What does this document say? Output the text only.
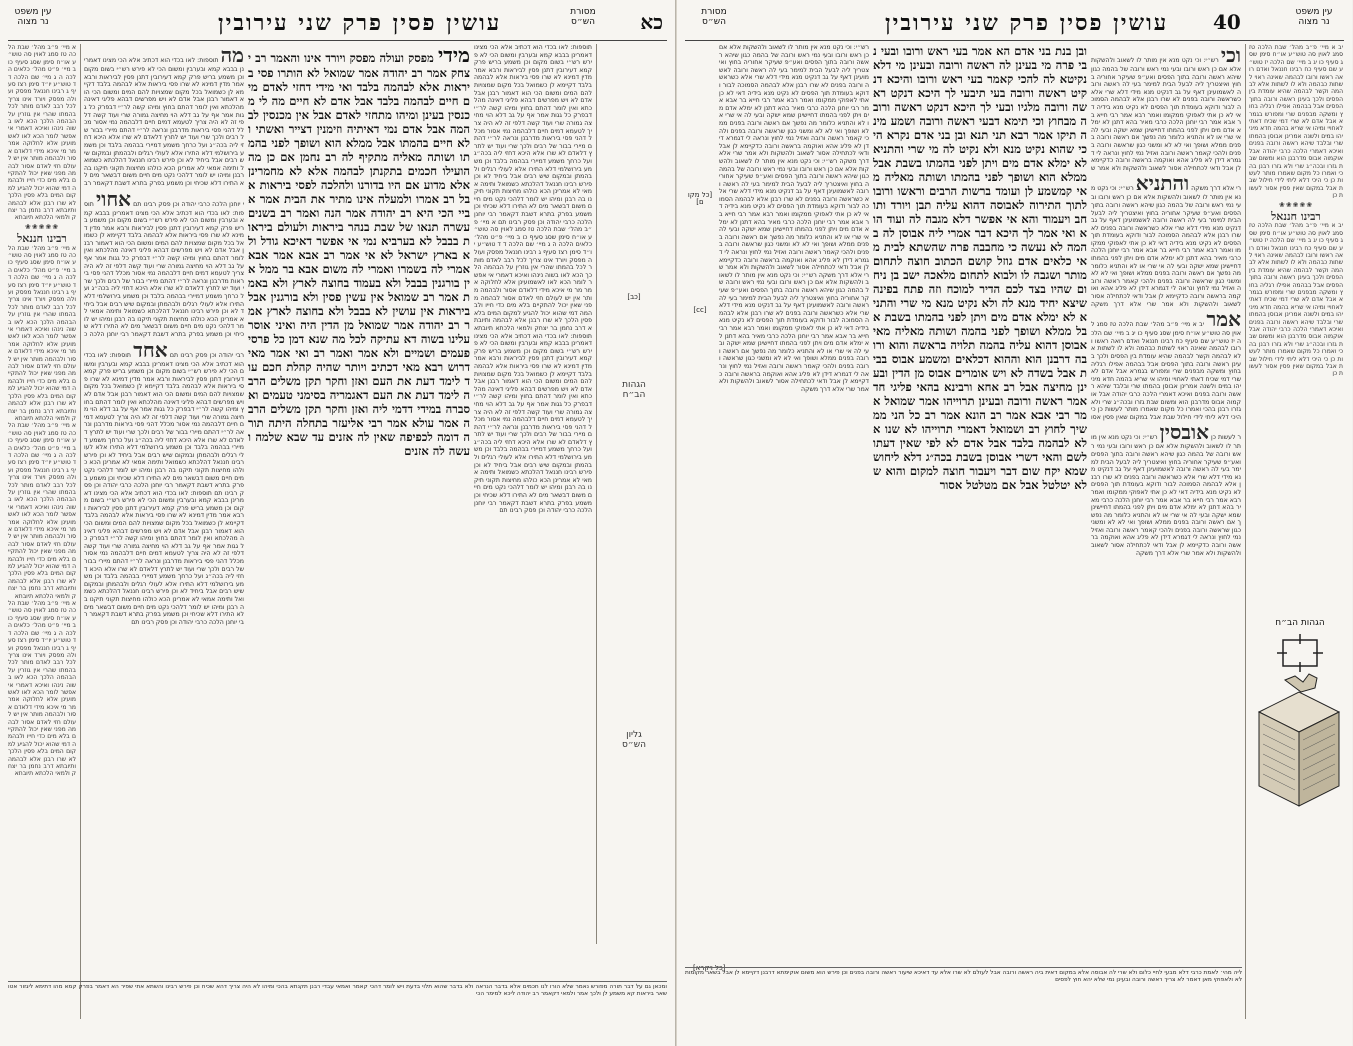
עין משפט
נר מצוה	עושין פסין פרק שני עירובין	מסורת
הש״ס	כא
א מיי׳ פ״ב מהל׳ שבת הלכה טז סמג לאוין סה טוש״ע או״ח סימן שסג סעיף כו ב מיי׳ פ״ט מהל׳ כלאים הלכה ה ג מיי׳ שם הלכה ד ד טוש״ע יו״ד סימן רצז סעיף ג רבינו חננאל מפסק ועולה מפסק ויורד אינו צריך לכל רבב לאדם מותר לכל בהמתו שהרי אין גוזרין על הבהמה הלכך הכא לאו בשוה נינהו ואיכא דאמרי אי אפשר לומר הכא לאו לאשמועינן אלא לחלוקה אמר מר מי איכא מידי דלאדם אסור ולבהמה מותר אין יש לעולם חזי לאדם אסור לבהמה מפני שאין יכול להתקיים בלא מים כדי חייו ולבהמה דמי שהוא יכול להגיע למקום המים בלא פסין הלכך לא שרו רבנן אלא לבהמה ותיובתא דרב נחמן בר יצחק ולמאי הלכתא תיובתא
❀❀❀❀❀
רבינו חננאל
א מיי׳ פ״ב מהל׳ שבת הלכה טז סמג לאוין סה טוש״ע או״ח סימן שסג סעיף כו ב מיי׳ פ״ט מהל׳ כלאים הלכה ה ג מיי׳ שם הלכה ד ד טוש״ע יו״ד סימן רצז סעיף ג רבינו חננאל מפסק ועולה מפסק ויורד אינו צריך לכל רבב לאדם מותר לכל בהמתו שהרי אין גוזרין על הבהמה הלכך הכא לאו בשוה נינהו ואיכא דאמרי אי אפשר לומר הכא לאו לאשמועינן אלא לחלוקה אמר מר מי איכא מידי דלאדם אסור ולבהמה מותר אין יש לעולם חזי לאדם אסור לבהמה מפני שאין יכול להתקיים בלא מים כדי חייו ולבהמה דמי שהוא יכול להגיע למקום המים בלא פסין הלכך לא שרו רבנן אלא לבהמה ותיובתא דרב נחמן בר יצחק ולמאי הלכתא תיובתא
א מיי׳ פ״ב מהל׳ שבת הלכה טז סמג לאוין סה טוש״ע או״ח סימן שסג סעיף כו ב מיי׳ פ״ט מהל׳ כלאים הלכה ה ג מיי׳ שם הלכה ד ד טוש״ע יו״ד סימן רצז סעיף ג רבינו חננאל מפסק ועולה מפסק ויורד אינו צריך לכל רבב לאדם מותר לכל בהמתו שהרי אין גוזרין על הבהמה הלכך הכא לאו בשוה נינהו ואיכא דאמרי אי אפשר לומר הכא לאו לאשמועינן אלא לחלוקה אמר מר מי איכא מידי דלאדם אסור ולבהמה מותר אין יש לעולם חזי לאדם אסור לבהמה מפני שאין יכול להתקיים בלא מים כדי חייו ולבהמה דמי שהוא יכול להגיע למקום המים בלא פסין הלכך לא שרו רבנן אלא לבהמה ותיובתא דרב נחמן בר יצחק ולמאי הלכתא תיובתא
א מיי׳ פ״ב מהל׳ שבת הלכה טז סמג לאוין סה טוש״ע או״ח סימן שסג סעיף כו ב מיי׳ פ״ט מהל׳ כלאים הלכה ה ג מיי׳ שם הלכה ד ד טוש״ע יו״ד סימן רצז סעיף ג רבינו חננאל מפסק ועולה מפסק ויורד אינו צריך לכל רבב לאדם מותר לכל בהמתו שהרי אין גוזרין על הבהמה הלכך הכא לאו בשוה נינהו ואיכא דאמרי אי אפשר לומר הכא לאו לאשמועינן אלא לחלוקה אמר מר מי איכא מידי דלאדם אסור ולבהמה מותר אין יש לעולם חזי לאדם אסור לבהמה מפני שאין יכול להתקיים בלא מים כדי חייו ולבהמה דמי שהוא יכול להגיע למקום המים בלא פסין הלכך לא שרו רבנן אלא לבהמה ותיובתא דרב נחמן בר יצחק ולמאי הלכתא תיובתא
מה תוספות: לאו בכדי הוא דכתיב אלא הכי מצינו דאמרינן בבבא קמא ובערבין ומשום הכי לא פירש רש״י בשום מקום וכן משמע בריש פרק קמא דעירובין דתנן פסין לביראות ורבא אמר מדין דמינא לא שרו פסי ביראות אלא לבהמה בלבד דקיימא לן כשמואל בכל מקום שמצויות להם המים ומשום הכי הוא דאמור רבנן אבל אדם לא ויש מפרשים דבהא פליגי דאינה מהלכתא ואין לומר דהתם בחוץ ומיהו קשה לר״י דבפרק כל גגות אמר אף על גב דלא הוי מחיצה גמורה שרי ועוד קשה דלפי זה לא היה צריך לטעמא דמים חיים דלבהמה נמי אסור מכלל דהני פסי ביראות מדרבנן ונראה לר״י דהתם מיירי בבור של רבים ולכך שרי ועוד יש לתרץ דלאדם לא שרו אלא היכא דחזי ליה בכה״ג ועל כרחך משמע דמיירי בבהמה בלבד וכן משמע בירושלמי דלא התירו אלא לעולי רגלים ולבהמתן ובמקום שיש רבים אבל ביחיד לא וכן פירש רבינו חננאל דהלכתא כשמואל ותימה אמאי לא אמרינן הכא כולהו מחיצות תקוני תיקנו בה רבנן ומיהו יש לומר דלהכי נקט מים חיים משום דבשאר מים לא התירו דלא שכיחי וכן משמע בפרק בתרא דשבת דקאמר רבי יוחנן הלכה כרבי יהודה וכן פסק רבינו תם אחוי תוספות: לאו בכדי הוא דכתיב אלא הכי מצינו דאמרינן בבבא קמא ובערבין ומשום הכי לא פירש רש״י בשום מקום וכן משמע בריש פרק קמא דעירובין דתנן פסין לביראות ורבא אמר מדין דמינא לא שרו פסי ביראות אלא לבהמה בלבד דקיימא לן כשמואל בכל מקום שמצויות להם המים ומשום הכי הוא דאמור רבנן אבל אדם לא ויש מפרשים דבהא פליגי דאינה מהלכתא ואין לומר דהתם בחוץ ומיהו קשה לר״י דבפרק כל גגות אמר אף על גב דלא הוי מחיצה גמורה שרי ועוד קשה דלפי זה לא היה צריך לטעמא דמים חיים דלבהמה נמי אסור מכלל דהני פסי ביראות מדרבנן ונראה לר״י דהתם מיירי בבור של רבים ולכך שרי ועוד יש לתרץ דלאדם לא שרו אלא היכא דחזי ליה בכה״ג ועל כרחך משמע דמיירי בבהמה בלבד וכן משמע בירושלמי דלא התירו אלא לעולי רגלים ולבהמתן ובמקום שיש רבים אבל ביחיד לא וכן פירש רבינו חננאל דהלכתא כשמואל ותימה אמאי לא אמרינן הכא כולהו מחיצות תקוני תיקנו בה רבנן ומיהו יש לומר דלהכי נקט מים חיים משום דבשאר מים לא התירו דלא שכיחי וכן משמע בפרק בתרא דשבת דקאמר רבי יוחנן הלכה כרבי יהודה וכן פסק רבינו תם אחד תוספות: לאו בכדי הוא דכתיב אלא הכי מצינו דאמרינן בבבא קמא ובערבין ומשום הכי לא פירש רש״י בשום מקום וכן משמע בריש פרק קמא דעירובין דתנן פסין לביראות ורבא אמר מדין דמינא לא שרו פסי ביראות אלא לבהמה בלבד דקיימא לן כשמואל בכל מקום שמצויות להם המים ומשום הכי הוא דאמור רבנן אבל אדם לא ויש מפרשים דבהא פליגי דאינה מהלכתא ואין לומר דהתם בחוץ ומיהו קשה לר״י דבפרק כל גגות אמר אף על גב דלא הוי מחיצה גמורה שרי ועוד קשה דלפי זה לא היה צריך לטעמא דמים חיים דלבהמה נמי אסור מכלל דהני פסי ביראות מדרבנן ונראה לר״י דהתם מיירי בבור של רבים ולכך שרי ועוד יש לתרץ דלאדם לא שרו אלא היכא דחזי ליה בכה״ג ועל כרחך משמע דמיירי בבהמה בלבד וכן משמע בירושלמי דלא התירו אלא לעולי רגלים ולבהמתן ובמקום שיש רבים אבל ביחיד לא וכן פירש רבינו חננאל דהלכתא כשמואל ותימה אמאי לא אמרינן הכא כולהו מחיצות תקוני תיקנו בה רבנן ומיהו יש לומר דלהכי נקט מים חיים משום דבשאר מים לא התירו דלא שכיחי וכן משמע בפרק בתרא דשבת דקאמר רבי יוחנן הלכה כרבי יהודה וכן פסק רבינו תם תוספות: לאו בכדי הוא דכתיב אלא הכי מצינו דאמרינן בבבא קמא ובערבין ומשום הכי לא פירש רש״י בשום מקום וכן משמע בריש פרק קמא דעירובין דתנן פסין לביראות ורבא אמר מדין דמינא לא שרו פסי ביראות אלא לבהמה בלבד דקיימא לן כשמואל בכל מקום שמצויות להם המים ומשום הכי הוא דאמור רבנן אבל אדם לא ויש מפרשים דבהא פליגי דאינה מהלכתא ואין לומר דהתם בחוץ ומיהו קשה לר״י דבפרק כל גגות אמר אף על גב דלא הוי מחיצה גמורה שרי ועוד קשה דלפי זה לא היה צריך לטעמא דמים חיים דלבהמה נמי אסור מכלל דהני פסי ביראות מדרבנן ונראה לר״י דהתם מיירי בבור של רבים ולכך שרי ועוד יש לתרץ דלאדם לא שרו אלא היכא דחזי ליה בכה״ג ועל כרחך משמע דמיירי בבהמה בלבד וכן משמע בירושלמי דלא התירו אלא לעולי רגלים ולבהמתן ובמקום שיש רבים אבל ביחיד לא וכן פירש רבינו חננאל דהלכתא כשמואל ותימה אמאי לא אמרינן הכא כולהו מחיצות תקוני תיקנו בה רבנן ומיהו יש לומר דלהכי נקט מים חיים משום דבשאר מים לא התירו דלא שכיחי וכן משמע בפרק בתרא דשבת דקאמר רבי יוחנן הלכה כרבי יהודה וכן פסק רבינו תם
מידי מפסק ועולה מפסק ויורד אינו והאמר רב יצחק אמר רב יהודה אמר שמואל לא הותרו פסי ביראות אלא לבהמה בלבד ואי מידי דחזי לאדם מים חיים לבהמה בלבד אבל אדם לא חיים מה לי מכנסין בעינן ומיהו מתחזי לאדם אבל אין מכנסין לבהמה אבל אדם נמי דאיתיה וזימנין דצייר ואשתי ולא חיים בהמתו אבל ממלא הוא ושופך לפני בהמתו ושותה מאליה מתקיף לה רב נחמן אם כן מה הועילו חכמים בתקנתן לבהמה אלא לא מחמרינן אלא מדוע אם היו בדורנו ולהלכה לפסי ביראות אבל רב אמרו ולמעלה אינו מתיר את הבית אמר אביי הכי היא רב יהודה אמר הנה ואמר רב בשנים עשרה תנאו של שבת בנהר ביראות ולעולם ביראות בבבל לא בערביא נמי אי אפשר דאיכא גודל ולא בארץ ישראל לא אי אמר רב אבא אמר אבא אמרי לה בשמרו ואמרי לה משום אבא בר ממל אין בורגנין בבבל ולא בעמוד בחוצה לארץ ולא באמת אמר רב שמואל אין עשין פסין ולא בורגנין אבל ביראות אין עושין לא בבבל ולא בחוצה לארץ אמר רב יהודה אמר שמואל מן הדין היה ואיני אוסר עלינו בשוה דא עתיקה לכל מה שנא דמן כל פרסי פעמים ושמיים ולא אמר ואמר רב ואי אמר מאי דרוש רבא מאי דכתיב ויותר שהיה קהלת חכם עוד לימד דעת את העם ואזן וחקר תקן משלים הרבה לימד דעת את העם דאגמריה בסימני טעמים ואסברה במידי דדמי ליה ואזן וחקר תקן משלים הרבה אמר עולא אמר רבי אליעזר בתחלה היתה תורה דומה לכפיפה שאין לה אזנים עד שבא שלמה ועשה לה אזנים
תוספות: לאו בכדי הוא דכתיב אלא הכי מצינו דאמרינן בבבא קמא ובערבין ומשום הכי לא פירש רש״י בשום מקום וכן משמע בריש פרק קמא דעירובין דתנן פסין לביראות ורבא אמר מדין דמינא לא שרו פסי ביראות אלא לבהמה בלבד דקיימא לן כשמואל בכל מקום שמצויות להם המים ומשום הכי הוא דאמור רבנן אבל אדם לא ויש מפרשים דבהא פליגי דאינה מהלכתא ואין לומר דהתם בחוץ ומיהו קשה לר״י דבפרק כל גגות אמר אף על גב דלא הוי מחיצה גמורה שרי ועוד קשה דלפי זה לא היה צריך לטעמא דמים חיים דלבהמה נמי אסור מכלל דהני פסי ביראות מדרבנן ונראה לר״י דהתם מיירי בבור של רבים ולכך שרי ועוד יש לתרץ דלאדם לא שרו אלא היכא דחזי ליה בכה״ג ועל כרחך משמע דמיירי בבהמה בלבד וכן משמע בירושלמי דלא התירו אלא לעולי רגלים ולבהמתן ובמקום שיש רבים אבל ביחיד לא וכן פירש רבינו חננאל דהלכתא כשמואל ותימה אמאי לא אמרינן הכא כולהו מחיצות תקוני תיקנו בה רבנן ומיהו יש לומר דלהכי נקט מים חיים משום דבשאר מים לא התירו דלא שכיחי וכן משמע בפרק בתרא דשבת דקאמר רבי יוחנן הלכה כרבי יהודה וכן פסק רבינו תם א מיי׳ פ״ב מהל׳ שבת הלכה טז סמג לאוין סה טוש״ע או״ח סימן שסג סעיף כו ב מיי׳ פ״ט מהל׳ כלאים הלכה ה ג מיי׳ שם הלכה ד ד טוש״ע יו״ד סימן רצז סעיף ג רבינו חננאל מפסק ועולה מפסק ויורד אינו צריך לכל רבב לאדם מותר לכל בהמתו שהרי אין גוזרין על הבהמה הלכך הכא לאו בשוה נינהו ואיכא דאמרי אי אפשר לומר הכא לאו לאשמועינן אלא לחלוקה אמר מר מי איכא מידי דלאדם אסור ולבהמה מותר אין יש לעולם חזי לאדם אסור לבהמה מפני שאין יכול להתקיים בלא מים כדי חייו ולבהמה דמי שהוא יכול להגיע למקום המים בלא פסין הלכך לא שרו רבנן אלא לבהמה ותיובתא דרב נחמן בר יצחק ולמאי הלכתא תיובתא תוספות: לאו בכדי הוא דכתיב אלא הכי מצינו דאמרינן בבבא קמא ובערבין ומשום הכי לא פירש רש״י בשום מקום וכן משמע בריש פרק קמא דעירובין דתנן פסין לביראות ורבא אמר מדין דמינא לא שרו פסי ביראות אלא לבהמה בלבד דקיימא לן כשמואל בכל מקום שמצויות להם המים ומשום הכי הוא דאמור רבנן אבל אדם לא ויש מפרשים דבהא פליגי דאינה מהלכתא ואין לומר דהתם בחוץ ומיהו קשה לר״י דבפרק כל גגות אמר אף על גב דלא הוי מחיצה גמורה שרי ועוד קשה דלפי זה לא היה צריך לטעמא דמים חיים דלבהמה נמי אסור מכלל דהני פסי ביראות מדרבנן ונראה לר״י דהתם מיירי בבור של רבים ולכך שרי ועוד יש לתרץ דלאדם לא שרו אלא היכא דחזי ליה בכה״ג ועל כרחך משמע דמיירי בבהמה בלבד וכן משמע בירושלמי דלא התירו אלא לעולי רגלים ולבהמתן ובמקום שיש רבים אבל ביחיד לא וכן פירש רבינו חננאל דהלכתא כשמואל ותימה אמאי לא אמרינן הכא כולהו מחיצות תקוני תיקנו בה רבנן ומיהו יש לומר דלהכי נקט מים חיים משום דבשאר מים לא התירו דלא שכיחי וכן משמע בפרק בתרא דשבת דקאמר רבי יוחנן הלכה כרבי יהודה וכן פסק רבינו תם
[כב]
הגהות
הב״ח
גליון
הש״ס
ומכאן גם על דבר תורה מפורש נאמר שלא הורו לנו חכמים אלא בדבר הנראה ולא בדבר שהוא תלוי בדעת ויש לומר דהכי קאמר ואמאי עבדי רבנן תקנתא בהכי ומיהו לא היה צריך דהא שכיח וכן פירש רבינו והשתא אתי שפיר הא דאמר בפרק קמא מהו דתימא ליגזור אטו שאר ביראות קא משמע לן ולכך אמר ולמאי דקאמר רב יהודה ליכא למימר הכי
מסורת
הש״ס	עושין פסין פרק שני עירובין 40	עין משפט
נר מצוה
[כל מקום]
[cc]
רש״י: וכי נקט מנא אין מותר לו לשאוב ולהשקות אלא אם כן ראש ורובו ובעי נמי ראש ורובה של בהמה כגון שיהא ראשה ורובה בתוך הפסים ואע״פ שעיקר אחוריה בחוץ ואיצטריך ליה לבעל הבית למימר בעי לה ראשה ורובה לאשמועינן דאף על גב דנקיט מנא מידי דלא שרי אלא כשראשה ורובה בפנים לא שרו רבנן אלא לבהמה הסמוכה לבור ודוקא בעומדת תוך הפסים לא נקיט מנא בידיה דאי לא כן אתי לאפוקי ממקומו ואמר רבא אמר רבי חייא בר אבא אמר רבי יוחנן הלכה כרבי מאיר בהא דתנן לא ימלא אדם מים ויתן לפני בהמתו דחיישינן שמא ישקה ובעי לה אי שרי או לא והתניא כלומר מה נפשך אם ראשה ורובה בפנים ממלא ושופך ואי לא לא ומשני כגון שראשה ורובה בפנים ולהכי קאמר ראשה ורובה ואזיל נמי לחוץ ונראה לי דגמרא דידן לא פליג אהא ואוקמה בראשה ורובה כדקיימא לן אבל ודאי לכתחילה אסור לשאוב ולהשקות ולא אמר שרי אלא דרך משקה רש״י: וכי נקט מנא אין מותר לו לשאוב ולהשקות אלא אם כן ראש ורובו ובעי נמי ראש ורובה של בהמה כגון שיהא ראשה ורובה בתוך הפסים ואע״פ שעיקר אחוריה בחוץ ואיצטריך ליה לבעל הבית למימר בעי לה ראשה ורובה לאשמועינן דאף על גב דנקיט מנא מידי דלא שרי אלא כשראשה ורובה בפנים לא שרו רבנן אלא לבהמה הסמוכה לבור ודוקא בעומדת תוך הפסים לא נקיט מנא בידיה דאי לא כן אתי לאפוקי ממקומו ואמר רבא אמר רבי חייא בר אבא אמר רבי יוחנן הלכה כרבי מאיר בהא דתנן לא ימלא אדם מים ויתן לפני בהמתו דחיישינן שמא ישקה ובעי לה אי שרי או לא והתניא כלומר מה נפשך אם ראשה ורובה בפנים ממלא ושופך ואי לא לא ומשני כגון שראשה ורובה בפנים ולהכי קאמר ראשה ורובה ואזיל נמי לחוץ ונראה לי דגמרא דידן לא פליג אהא ואוקמה בראשה ורובה כדקיימא לן אבל ודאי לכתחילה אסור לשאוב ולהשקות ולא אמר שרי אלא דרך משקה רש״י: וכי נקט מנא אין מותר לו לשאוב ולהשקות אלא אם כן ראש ורובו ובעי נמי ראש ורובה של בהמה כגון שיהא ראשה ורובה בתוך הפסים ואע״פ שעיקר אחוריה בחוץ ואיצטריך ליה לבעל הבית למימר בעי לה ראשה ורובה לאשמועינן דאף על גב דנקיט מנא מידי דלא שרי אלא כשראשה ורובה בפנים לא שרו רבנן אלא לבהמה הסמוכה לבור ודוקא בעומדת תוך הפסים לא נקיט מנא בידיה דאי לא כן אתי לאפוקי ממקומו ואמר רבא אמר רבי חייא בר אבא אמר רבי יוחנן הלכה כרבי מאיר בהא דתנן לא ימלא אדם מים ויתן לפני בהמתו דחיישינן שמא ישקה ובעי לה אי שרי או לא והתניא כלומר מה נפשך אם ראשה ורובה בפנים ממלא ושופך ואי לא לא ומשני כגון שראשה ורובה בפנים ולהכי קאמר ראשה ורובה ואזיל נמי לחוץ ונראה לי דגמרא דידן לא פליג אהא ואוקמה בראשה ורובה כדקיימא לן אבל ודאי לכתחילה אסור לשאוב ולהשקות ולא אמר שרי אלא דרך משקה
ובן בנת בני אדם הא אמר בעי ראש ורובו ובעי נבי פרה מי בעינן לה ראשה ורובה ובעינן מי דלא נקיטא לה להכי קאמר בעי ראש ורובו והיכא דנקיט ראשה ורובה בעי תיבעי לך היכא דנקט ראשה ורובה מלגיו ובעי לך היכא דנקט ראשה ורובה מבחוץ וכי תימא דבעי ראשה ורובה ושמע מינה תיקו אמר רבא תני תנא ובן בני אדם נקרא היכי שהוא נקיט מנא ולא נקיט לה מי שרי והתניא לא ימלא אדם מים ויתן לפני בהמתו בשבת אבל ממלא הוא ושופך לפני בהמתו ושותה מאליה מאי קמשמע לן ועומד ברשות הרבים וראשו ורובו לתוך התירוה לאבוסה דהוא עליה תבן ויורד ותוחב ויעמוד והא אי אפשר דלא מגבה לה ועוד הוא ואי אמר לך היכא דבר אמרי ליה אבוסן לה בהמה לא נעשה כי מחבבה פרה שהשתא לבית מאי כלאים אדם גוזל קושם הכתוב חוצה לתחום מותר ושגבה לו ולבוא לתחום מלאכה ישב בן ניחום שהיו בצד לכם הדיר למוכח וזה פתח בפינה שיצא יחיד מנא לה ולא נקיט מנא מי שרי והתניא לא ימלא אדם מים ויתן לפני בהמתו בשבת אבל ממלא ושופך לפני בהמה ושותה מאליה מאי אבוסן דהוא עליה בהמה תלויה בראשה והוא ורובה דרבנן הוא וההוא דכלאים ומשמע אבוס בבית אבל בשדה לא ויש אומרים אבוס מן הדין ובעינן מחיצה אבל רב אחא ורבינא בהאי פליגי חד אמר ראשה ורובה ובעינן תרוייהו אמר שמואל אמר רבי אבא אמר רב הונא אמר רב כל הני ממשיך לחוץ רב ושמואל דאמרי תרוייהו לא שנו אלא לבהמה בלבד אבל אדם לא לפי שאין דעתו לשם והאי דשרי אבוסן בשבת בכה״ג דלא ליחוש שמא יקח שום דבר ויעבור חוצה למקום והוא שלא יטלטל אבל אם מטלטל אסור
וכי רש״י: וכי נקט מנא אין מותר לו לשאוב ולהשקות אלא אם כן ראש ורובו ובעי נמי ראש ורובה של בהמה כגון שיהא ראשה ורובה בתוך הפסים ואע״פ שעיקר אחוריה בחוץ ואיצטריך ליה לבעל הבית למימר בעי לה ראשה ורובה לאשמועינן דאף על גב דנקיט מנא מידי דלא שרי אלא כשראשה ורובה בפנים לא שרו רבנן אלא לבהמה הסמוכה לבור ודוקא בעומדת תוך הפסים לא נקיט מנא בידיה דאי לא כן אתי לאפוקי ממקומו ואמר רבא אמר רבי חייא בר אבא אמר רבי יוחנן הלכה כרבי מאיר בהא דתנן לא ימלא אדם מים ויתן לפני בהמתו דחיישינן שמא ישקה ובעי לה אי שרי או לא והתניא כלומר מה נפשך אם ראשה ורובה בפנים ממלא ושופך ואי לא לא ומשני כגון שראשה ורובה בפנים ולהכי קאמר ראשה ורובה ואזיל נמי לחוץ ונראה לי דגמרא דידן לא פליג אהא ואוקמה בראשה ורובה כדקיימא לן אבל ודאי לכתחילה אסור לשאוב ולהשקות ולא אמר שרי אלא דרך משקה והתניא רש״י: וכי נקט מנא אין מותר לו לשאוב ולהשקות אלא אם כן ראש ורובו ובעי נמי ראש ורובה של בהמה כגון שיהא ראשה ורובה בתוך הפסים ואע״פ שעיקר אחוריה בחוץ ואיצטריך ליה לבעל הבית למימר בעי לה ראשה ורובה לאשמועינן דאף על גב דנקיט מנא מידי דלא שרי אלא כשראשה ורובה בפנים לא שרו רבנן אלא לבהמה הסמוכה לבור ודוקא בעומדת תוך הפסים לא נקיט מנא בידיה דאי לא כן אתי לאפוקי ממקומו ואמר רבא אמר רבי חייא בר אבא אמר רבי יוחנן הלכה כרבי מאיר בהא דתנן לא ימלא אדם מים ויתן לפני בהמתו דחיישינן שמא ישקה ובעי לה אי שרי או לא והתניא כלומר מה נפשך אם ראשה ורובה בפנים ממלא ושופך ואי לא לא ומשני כגון שראשה ורובה בפנים ולהכי קאמר ראשה ורובה ואזיל נמי לחוץ ונראה לי דגמרא דידן לא פליג אהא ואוקמה בראשה ורובה כדקיימא לן אבל ודאי לכתחילה אסור לשאוב ולהשקות ולא אמר שרי אלא דרך משקה אמר יב א מיי׳ פ״ב מהל׳ שבת הלכה טז סמג לאוין סה טוש״ע או״ח סימן שסג סעיף כו יג ב מיי׳ שם הלכה יז טוש״ע שם סעיף כח רבינו חננאל ואדם רואה ראשו ורובו לבהמה שאינה ראוי לשתות כבהמה ולא לו לשתות אלא לבהמה וקשר לבהמה שהיא עומדת בין הפסים ולכך בעינן ראשה ורובה בתוך הפסים אבל בבהמה אפילו רגליה בחוץ ומשקה מבפנים שרי ומפורש בגמרא אבל אדם לא שרי דמי שכיח דאתי לאחויי ומיהו אי שריא בהמה חדא מינייהו במים ולשנה אמרינן אבוסן בהמתו שרי ובלבד שיהא ראשה ורובה בפנים ואיכא דאמרי הלכה כרבי יהודה אבל אוקמוה אבוס מדרבנן הוא ומשום שבת גזרו ובכה״ג שרי ולא גזרו רבנן בהכי ואמרו כל מקום שאמרו מותר לעשות כן כי היכי דלא ליתי לידי חילול שבת אבל במקום שאין פסין אסור לעשות כן אובסין רש״י: וכי נקט מנא אין מותר לו לשאוב ולהשקות אלא אם כן ראש ורובו ובעי נמי ראש ורובה של בהמה כגון שיהא ראשה ורובה בתוך הפסים ואע״פ שעיקר אחוריה בחוץ ואיצטריך ליה לבעל הבית למימר בעי לה ראשה ורובה לאשמועינן דאף על גב דנקיט מנא מידי דלא שרי אלא כשראשה ורובה בפנים לא שרו רבנן אלא לבהמה הסמוכה לבור ודוקא בעומדת תוך הפסים לא נקיט מנא בידיה דאי לא כן אתי לאפוקי ממקומו ואמר רבא אמר רבי חייא בר אבא אמר רבי יוחנן הלכה כרבי מאיר בהא דתנן לא ימלא אדם מים ויתן לפני בהמתו דחיישינן שמא ישקה ובעי לה אי שרי או לא והתניא כלומר מה נפשך אם ראשה ורובה בפנים ממלא ושופך ואי לא לא ומשני כגון שראשה ורובה בפנים ולהכי קאמר ראשה ורובה ואזיל נמי לחוץ ונראה לי דגמרא דידן לא פליג אהא ואוקמה בראשה ורובה כדקיימא לן אבל ודאי לכתחילה אסור לשאוב ולהשקות ולא אמר שרי אלא דרך משקה
יב א מיי׳ פ״ב מהל׳ שבת הלכה טז סמג לאוין סה טוש״ע או״ח סימן שסג סעיף כו יג ב מיי׳ שם הלכה יז טוש״ע שם סעיף כח רבינו חננאל ואדם רואה ראשו ורובו לבהמה שאינה ראוי לשתות כבהמה ולא לו לשתות אלא לבהמה וקשר לבהמה שהיא עומדת בין הפסים ולכך בעינן ראשה ורובה בתוך הפסים אבל בבהמה אפילו רגליה בחוץ ומשקה מבפנים שרי ומפורש בגמרא אבל אדם לא שרי דמי שכיח דאתי לאחויי ומיהו אי שריא בהמה חדא מינייהו במים ולשנה אמרינן אבוסן בהמתו שרי ובלבד שיהא ראשה ורובה בפנים ואיכא דאמרי הלכה כרבי יהודה אבל אוקמוה אבוס מדרבנן הוא ומשום שבת גזרו ובכה״ג שרי ולא גזרו רבנן בהכי ואמרו כל מקום שאמרו מותר לעשות כן כי היכי דלא ליתי לידי חילול שבת אבל במקום שאין פסין אסור לעשות כן
❀❀❀❀❀
רבינו חננאל
יב א מיי׳ פ״ב מהל׳ שבת הלכה טז סמג לאוין סה טוש״ע או״ח סימן שסג סעיף כו יג ב מיי׳ שם הלכה יז טוש״ע שם סעיף כח רבינו חננאל ואדם רואה ראשו ורובו לבהמה שאינה ראוי לשתות כבהמה ולא לו לשתות אלא לבהמה וקשר לבהמה שהיא עומדת בין הפסים ולכך בעינן ראשה ורובה בתוך הפסים אבל בבהמה אפילו רגליה בחוץ ומשקה מבפנים שרי ומפורש בגמרא אבל אדם לא שרי דמי שכיח דאתי לאחויי ומיהו אי שריא בהמה חדא מינייהו במים ולשנה אמרינן אבוסן בהמתו שרי ובלבד שיהא ראשה ורובה בפנים ואיכא דאמרי הלכה כרבי יהודה אבל אוקמוה אבוס מדרבנן הוא ומשום שבת גזרו ובכה״ג שרי ולא גזרו רבנן בהכי ואמרו כל מקום שאמרו מותר לעשות כן כי היכי דלא ליתי לידי חילול שבת אבל במקום שאין פסין אסור לעשות כן
הגהות הב״ח
[כל ויקרא]
ליה מהי׳ לאמת כרבי דלא מבעי לחיי כלום ולא שרי לה אבוסה אלא במקום דאית ביה ראשה ורובה אבל לעולם לא שרו אלא עד דאיכא שיעור ראשה ורובה בפנים וכן פירש הוא משום אוקימתא דרבנן דקיימא לן אבל בשאר מקומות לא ולאפוקי מאן דאמר לא צריך ראשה ורובה ובעינן נמי שלא יהא חוץ לפסים
